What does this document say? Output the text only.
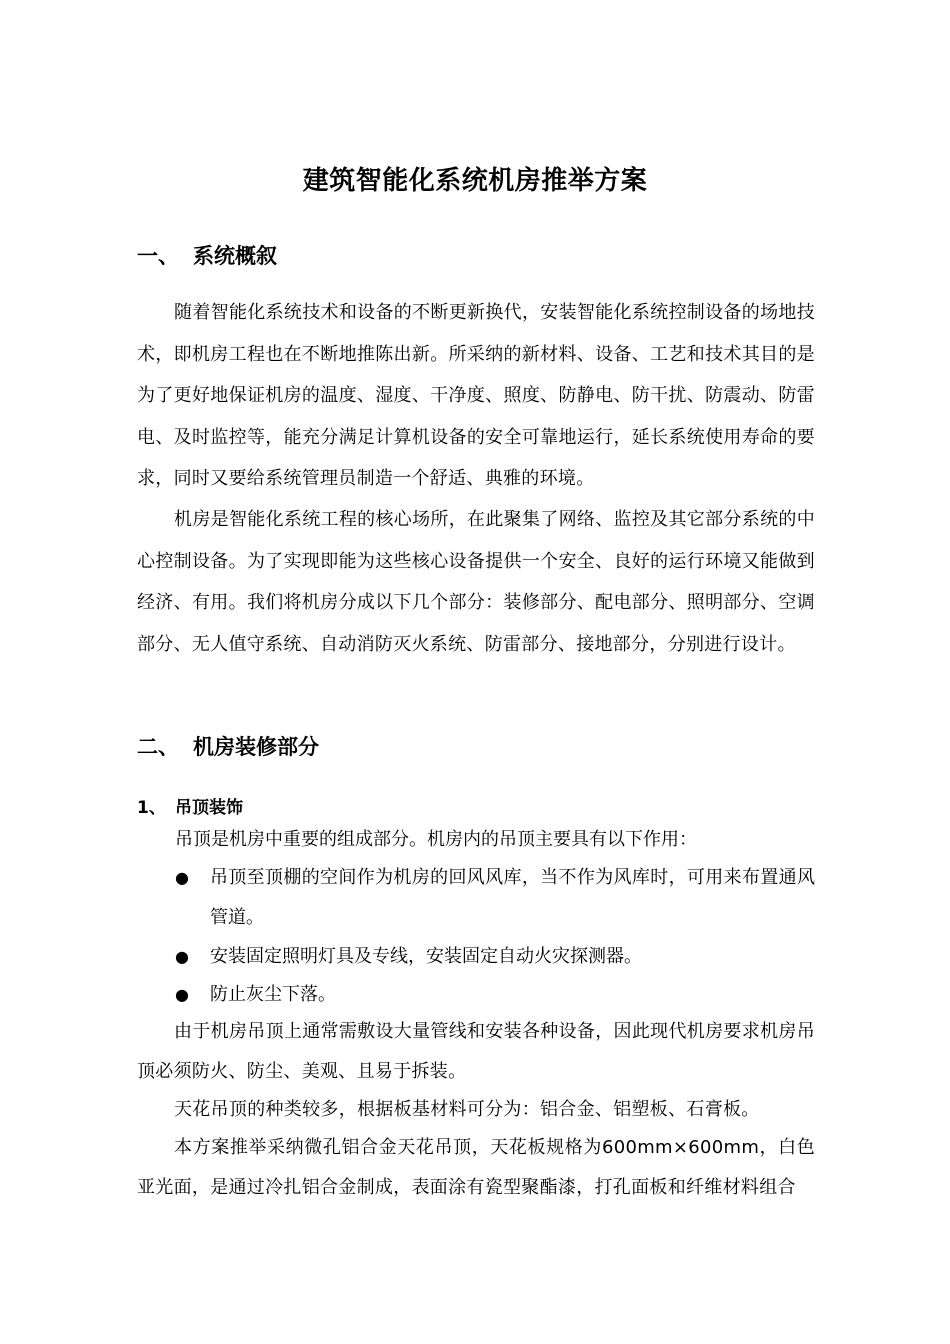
建筑智能化系统机房推举方案
一、 系统概叙

随着智能化系统技术和设备的不断更新换代，安装智能化系统控制设备的场地技术，即机房工程也在不断地推陈出新。所采纳的新材料、设备、工艺和技术其目的是为了更好地保证机房的温度、湿度、干净度、照度、防静电、防干扰、防震动、防雷电、及时监控等，能充分满足计算机设备的安全可靠地运行，延长系统使用寿命的要求，同时又要给系统管理员制造一个舒适、典雅的环境。

机房是智能化系统工程的核心场所，在此聚集了网络、监控及其它部分系统的中心控制设备。为了实现即能为这些核心设备提供一个安全、良好的运行环境又能做到经济、有用。我们将机房分成以下几个部分：装修部分、配电部分、照明部分、空调部分、无人值守系统、自动消防灭火系统、防雷部分、接地部分，分别进行设计。

二、 机房装修部分
1、 吊顶装饰

吊顶是机房中重要的组成部分。机房内的吊顶主要具有以下作用：

● 吊顶至顶棚的空间作为机房的回风风库，当不作为风库时，可用来布置通风管道。
● 安装固定照明灯具及专线，安装固定自动火灾探测器。
● 防止灰尘下落。

由于机房吊顶上通常需敷设大量管线和安装各种设备，因此现代机房要求机房吊顶必须防火、防尘、美观、且易于拆装。

天花吊顶的种类较多，根据板基材料可分为：铝合金、铝塑板、石膏板。

本方案推举采纳微孔铝合金天花吊顶，天花板规格为600mm×600mm，白色亚光面，是通过冷扎铝合金制成，表面涂有瓷型聚酯漆，打孔面板和纤维材料组合
